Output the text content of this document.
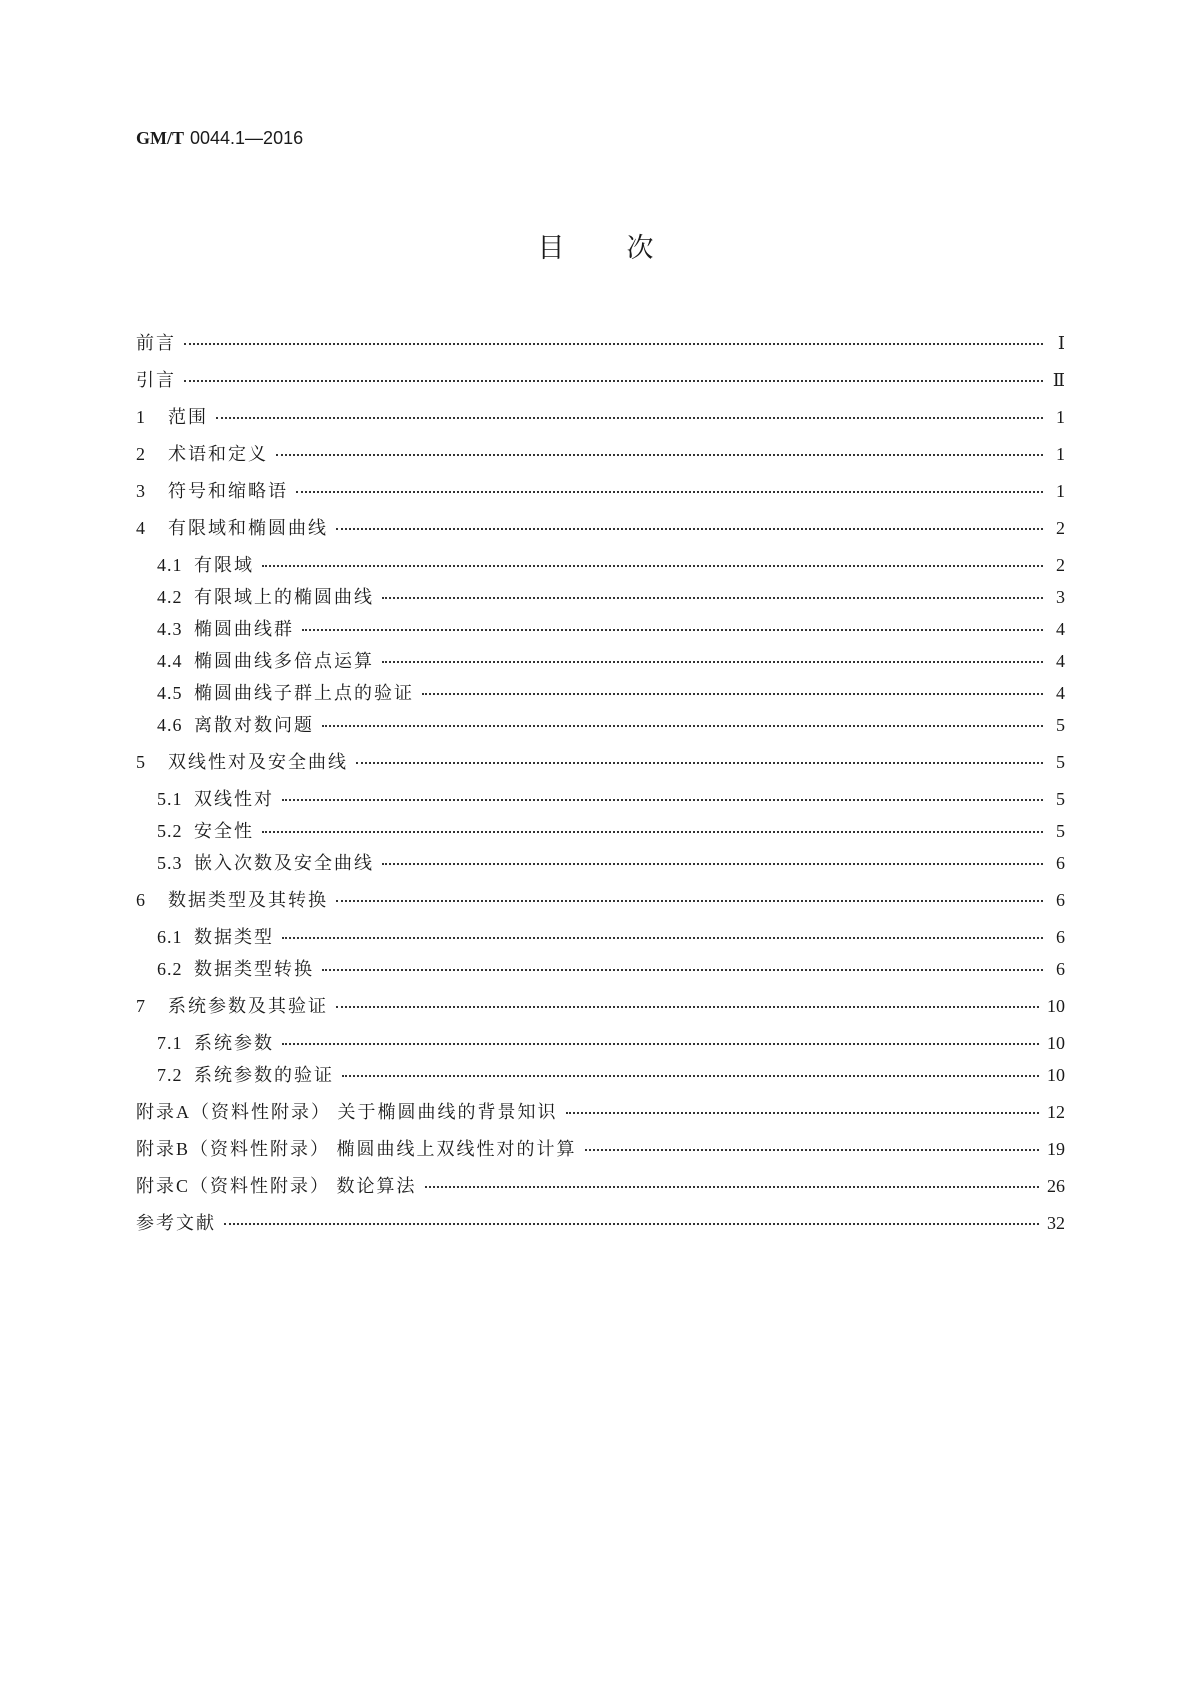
GM/T 0044.1—2016
目次
前言	Ⅰ
引言	Ⅱ
1	范围	1
2	术语和定义	1
3	符号和缩略语	1
4	有限域和椭圆曲线	2
4.1 有限域	2
4.2 有限域上的椭圆曲线	3
4.3 椭圆曲线群	4
4.4 椭圆曲线多倍点运算	4
4.5 椭圆曲线子群上点的验证	4
4.6 离散对数问题	5
5	双线性对及安全曲线	5
5.1 双线性对	5
5.2 安全性	5
5.3 嵌入次数及安全曲线	6
6	数据类型及其转换	6
6.1 数据类型	6
6.2 数据类型转换	6
7	系统参数及其验证	10
7.1 系统参数	10
7.2 系统参数的验证	10
附录A（资料性附录） 关于椭圆曲线的背景知识	12
附录B（资料性附录） 椭圆曲线上双线性对的计算	19
附录C（资料性附录） 数论算法	26
参考文献	32
